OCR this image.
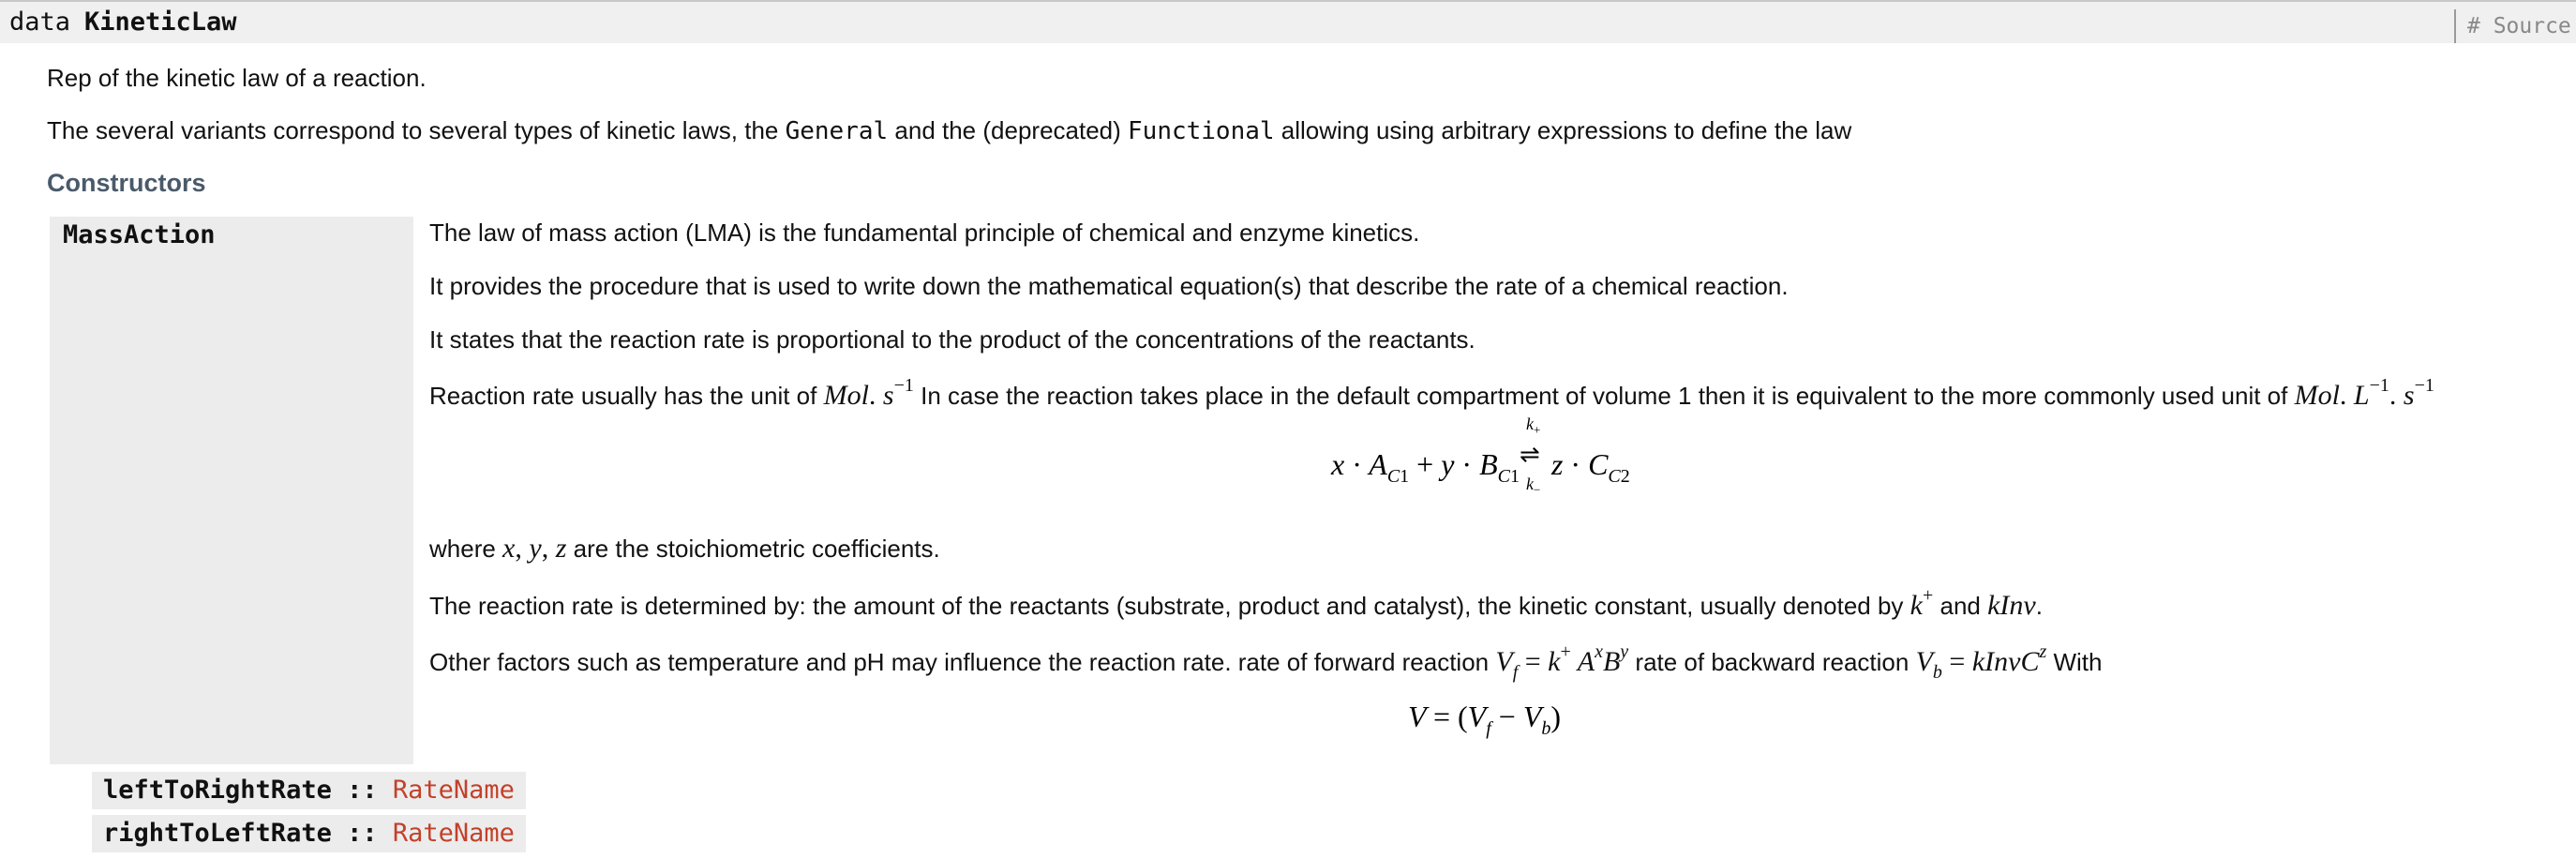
data KineticLaw	# Source
Rep of the kinetic law of a reaction.
The several variants correspond to several types of kinetic laws, the General and the (deprecated) Functional allowing using arbitrary expressions to define the law
Constructors
MassAction	The law of mass action (LMA) is the fundamental principle of chemical and enzyme kinetics.
It provides the procedure that is used to write down the mathematical equation(s) that describe the rate of a chemical reaction.
It states that the reaction rate is proportional to the product of the concentrations of the reactants.
Reaction rate usually has the unit of Mol. $s^{-1}$ In case the reaction takes place in the default compartment of volume 1 then it is equivalent to the more commonly used unit of Mol. $L^{-1}$. $s^{-1}$
$x \cdot A_{C1} + y \cdot B_{C1}$
$k_+$
⇌
$k_-$
$z \cdot C_{C2}$
where x, y, z are the stoichiometric coefficients.
The reaction rate is determined by: the amount of the reactants (substrate, product and catalyst), the kinetic constant, usually denoted by k+ and kInv.
Other factors such as temperature and pH may influence the reaction rate. rate of forward reaction $V_f = k^+$ $A^xB^y$ rate of backward reaction $V_b$ = kInvC$^z$ With
$V = (V_f - V_b)$
leftToRightRate :: RateName
rightToLeftRate :: RateName
